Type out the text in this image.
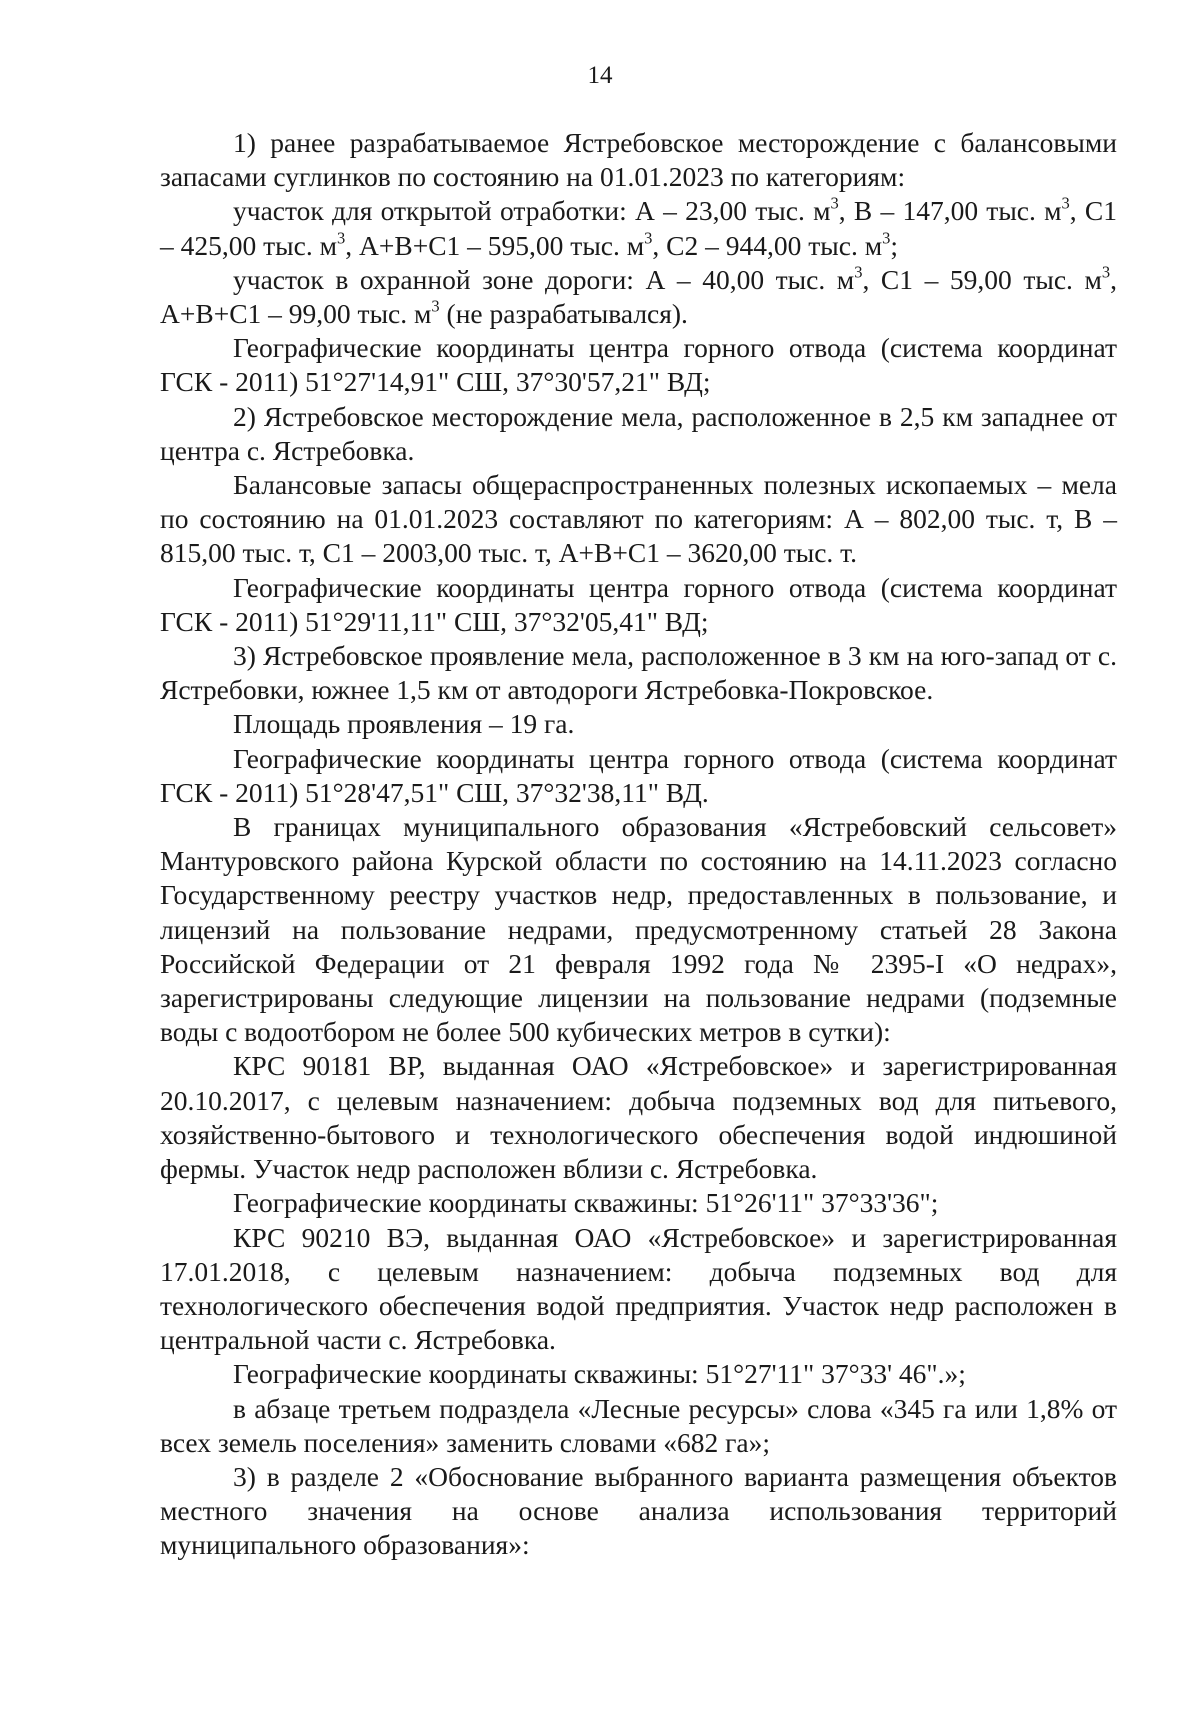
14

1) ранее разрабатываемое Ястребовское месторождение с балансовыми запасами суглинков по состоянию на 01.01.2023 по категориям:

участок для открытой отработки: А – 23,00 тыс. $м^3$, В – 147,00 тыс. $м^3$, С1 – 425,00 тыс. $м^3$, А+В+С1 – 595,00 тыс. $м^3$, С2 – 944,00 тыс. $м^3$;

участок в охранной зоне дороги: А – 40,00 тыс. $м^3$, С1 – 59,00 тыс. $м^3$, А+В+С1 – 99,00 тыс. $м^3$ (не разрабатывался).

Географические координаты центра горного отвода (система координат ГСК - 2011) 51°27'14,91" СШ, 37°30'57,21" ВД;

2) Ястребовское месторождение мела, расположенное в 2,5 км западнее от центра с. Ястребовка.

Балансовые запасы общераспространенных полезных ископаемых – мела по состоянию на 01.01.2023 составляют по категориям: А – 802,00 тыс. т, В – 815,00 тыс. т, С1 – 2003,00 тыс. т, А+В+С1 – 3620,00 тыс. т.

Географические координаты центра горного отвода (система координат ГСК - 2011) 51°29'11,11" СШ, 37°32'05,41" ВД;

3) Ястребовское проявление мела, расположенное в 3 км на юго-запад от с. Ястребовки, южнее 1,5 км от автодороги Ястребовка-Покровское.

Площадь проявления – 19 га.

Географические координаты центра горного отвода (система координат ГСК - 2011) 51°28'47,51" СШ, 37°32'38,11" ВД.

В границах муниципального образования «Ястребовский сельсовет» Мантуровского района Курской области по состоянию на 14.11.2023 согласно Государственному реестру участков недр, предоставленных в пользование, и лицензий на пользование недрами, предусмотренному статьей 28 Закона Российской Федерации от 21 февраля 1992 года № 2395-I «О недрах», зарегистрированы следующие лицензии на пользование недрами (подземные воды с водоотбором не более 500 кубических метров в сутки):

КРС 90181 ВР, выданная ОАО «Ястребовское» и зарегистрированная 20.10.2017, с целевым назначением: добыча подземных вод для питьевого, хозяйственно-бытового и технологического обеспечения водой индюшиной фермы. Участок недр расположен вблизи с. Ястребовка.

Географические координаты скважины: 51°26'11" 37°33'36";

КРС 90210 ВЭ, выданная ОАО «Ястребовское» и зарегистрированная 17.01.2018, с целевым назначением: добыча подземных вод для технологического обеспечения водой предприятия. Участок недр расположен в центральной части с. Ястребовка.

Географические координаты скважины: 51°27'11" 37°33' 46".»;

в абзаце третьем подраздела «Лесные ресурсы» слова «345 га или 1,8% от всех земель поселения» заменить словами «682 га»;

3) в разделе 2 «Обоснование выбранного варианта размещения объектов местного значения на основе анализа использования территорий муниципального образования»:
